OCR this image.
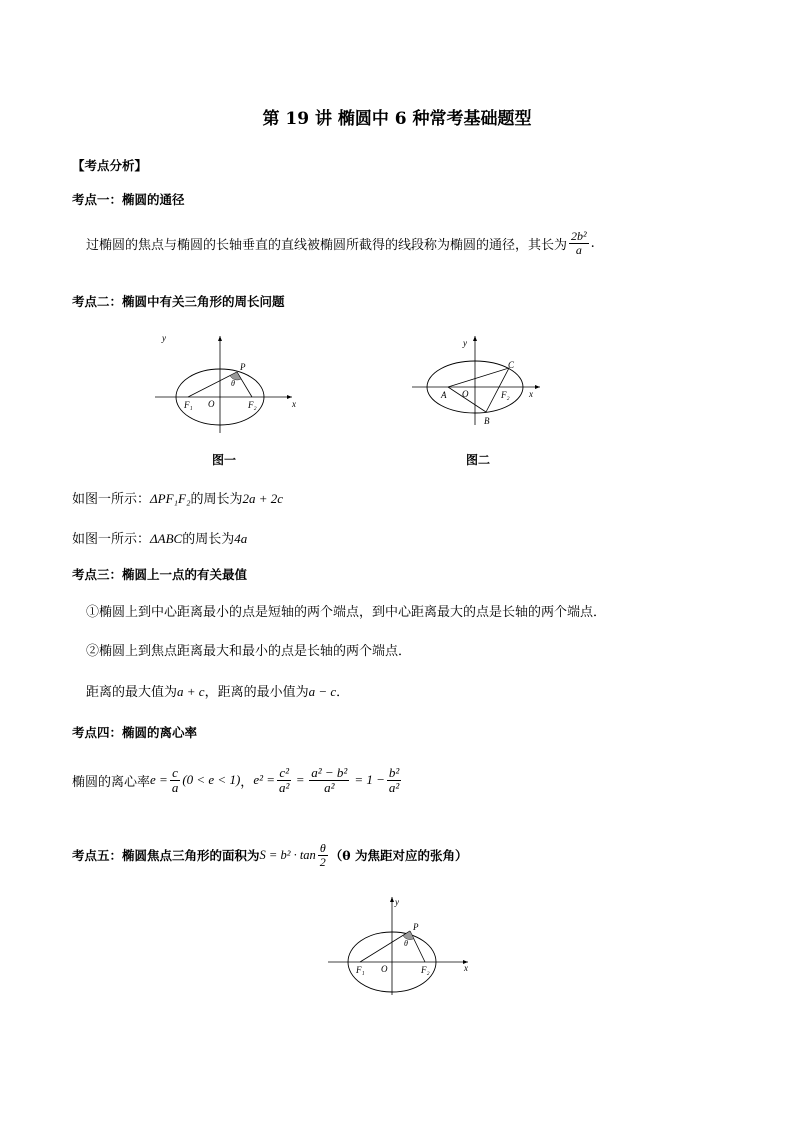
第 19 讲 椭圆中 6 种常考基础题型
【考点分析】
考点一：椭圆的通径
过椭圆的焦点与椭圆的长轴垂直的直线被椭圆所截得的线段称为椭圆的通径，其长为 $\frac{\text{2b²}}{a}$ .
考点二：椭圆中有关三角形的周长问题
y
x
P
θ
O
F₁	F₂
图一
y
x
C
A O	F₂
B
图二
如图一所示：ΔPF₁F₂的周长为2a + 2c
如图一所示：ΔABC的周长为4a
考点三：椭圆上一点的有关最值
①椭圆上到中心距离最小的点是短轴的两个端点，到中心距离最大的点是长轴的两个端点．
②椭圆上到焦点距离最大和最小的点是长轴的两个端点．
距离的最大值为a + c，距离的最小值为a − c．
考点四：椭圆的离心率
椭圆的离心率 $e = \frac{c}{a} (0 < e < 1)$ ， $e^2 = \frac{\text{c²}}{\text{a²}} = \frac{\text{a² − b²}}{\text{a²}} = 1 - \frac{\text{b²}}{\text{a²}}$
考点五：椭圆焦点三角形的面积为 $S = b^2 \cdot \tan \frac{\theta}{2} (\theta$ 为焦距对应的张角）
y
x
P
θ
O
F₁	F₂
